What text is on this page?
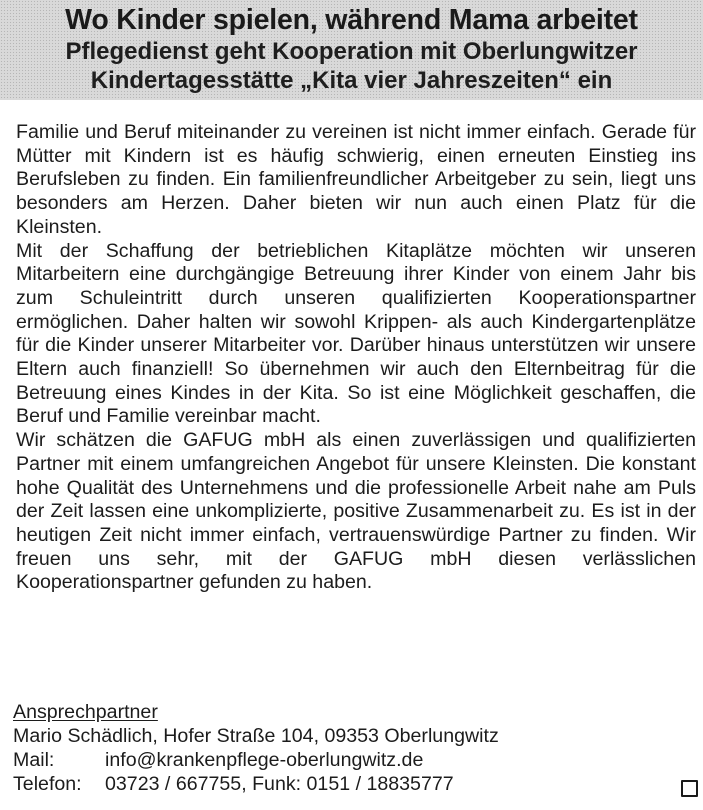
Wo Kinder spielen, während Mama arbeitet
Pflegedienst geht Kooperation mit Oberlungwitzer
Kindertagesstätte „Kita vier Jahreszeiten“ ein

Familie und Beruf miteinander zu vereinen ist nicht immer einfach. Gerade für Mütter mit Kindern ist es häufig schwierig, einen erneuten Einstieg ins Berufsleben zu finden. Ein familienfreundlicher Arbeitgeber zu sein, liegt uns besonders am Herzen. Daher bieten wir nun auch einen Platz für die Kleinsten.

Mit der Schaffung der betrieblichen Kitaplätze möchten wir unseren Mitarbeitern eine durchgängige Betreuung ihrer Kinder von einem Jahr bis zum Schuleintritt durch unseren qualifizierten Kooperationspartner ermöglichen. Daher halten wir sowohl Krippen- als auch Kindergartenplätze für die Kinder unserer Mitarbeiter vor. Darüber hinaus unterstützen wir unsere Eltern auch finanziell! So übernehmen wir auch den Elternbeitrag für die Betreuung eines Kindes in der Kita. So ist eine Möglichkeit geschaffen, die Beruf und Familie vereinbar macht.

Wir schätzen die GAFUG mbH als einen zuverlässigen und qualifizierten Partner mit einem umfangreichen Angebot für unsere Kleinsten. Die konstant hohe Qualität des Unternehmens und die professionelle Arbeit nahe am Puls der Zeit lassen eine unkomplizierte, positive Zusammenarbeit zu. Es ist in der heutigen Zeit nicht immer einfach, vertrauenswürdige Partner zu finden. Wir freuen uns sehr, mit der GAFUG mbH diesen verlässlichen Kooperationspartner gefunden zu haben.

Ansprechpartner
Mario Schädlich, Hofer Straße 104, 09353 Oberlungwitz
Mail:	info@krankenpflege-oberlungwitz.de
Telefon: 03723 / 667755, Funk: 0151 / 18835777
